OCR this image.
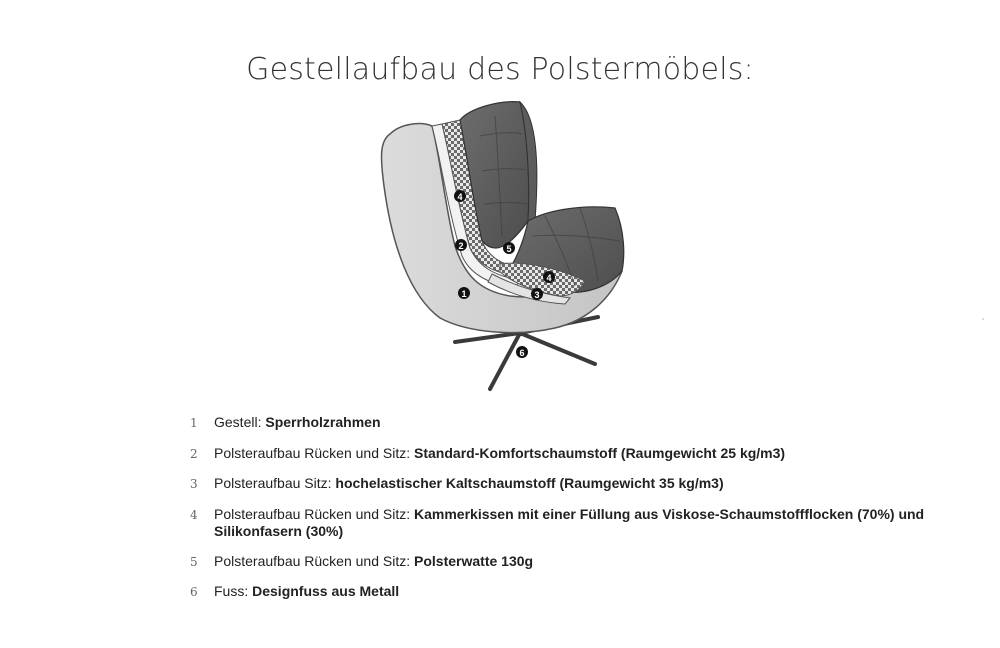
Gestellaufbau des Polstermöbels:
1
2
3
4
4
5
6
1	Gestell: Sperrholzrahmen
2	Polsteraufbau Rücken und Sitz: Standard-Komfortschaumstoff (Raumgewicht 25 kg/m3)
3	Polsteraufbau Sitz: hochelastischer Kaltschaumstoff (Raumgewicht 35 kg/m3)
4	Polsteraufbau Rücken und Sitz: Kammerkissen mit einer Füllung aus Viskose-Schaumstoffflocken (70%) und Silikonfasern (30%)
5	Polsteraufbau Rücken und Sitz: Polsterwatte 130g
6	Fuss: Designfuss aus Metall
